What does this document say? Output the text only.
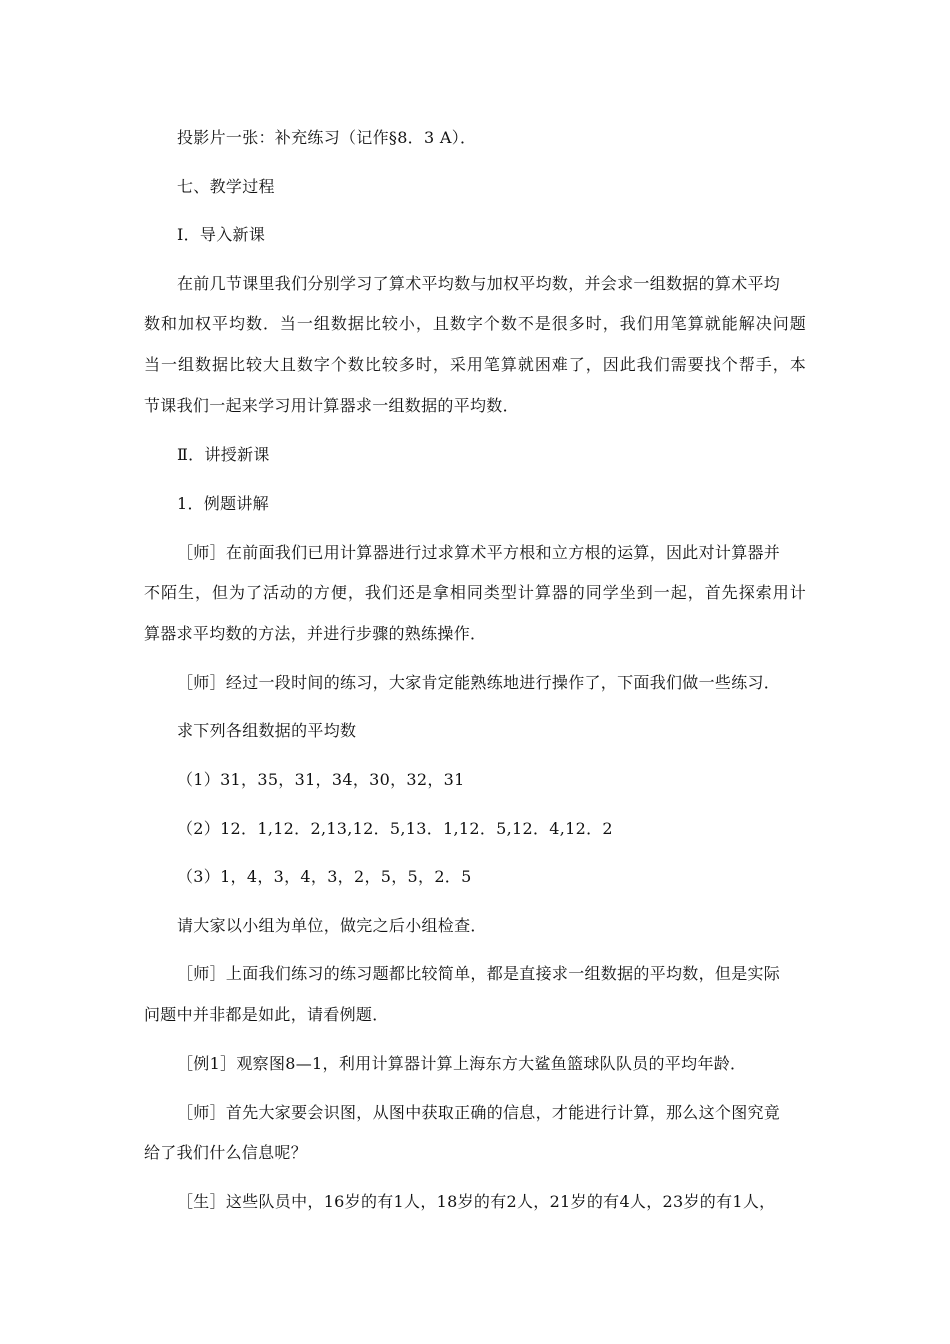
投影片一张：补充练习（记作§8．3 A）．
七、教学过程
Ⅰ．导入新课
在前几节课里我们分别学习了算术平均数与加权平均数，并会求一组数据的算术平均
数和加权平均数．当一组数据比较小，且数字个数不是很多时，我们用笔算就能解决问题
当一组数据比较大且数字个数比较多时，采用笔算就困难了，因此我们需要找个帮手，本
节课我们一起来学习用计算器求一组数据的平均数．
Ⅱ．讲授新课
1．例题讲解
［师］在前面我们已用计算器进行过求算术平方根和立方根的运算，因此对计算器并
不陌生，但为了活动的方便，我们还是拿相同类型计算器的同学坐到一起，首先探索用计
算器求平均数的方法，并进行步骤的熟练操作．
［师］经过一段时间的练习，大家肯定能熟练地进行操作了，下面我们做一些练习．
求下列各组数据的平均数
（1）31，35，31，34，30，32，31
（2）12．1,12．2,13,12．5,13．1,12．5,12．4,12．2
（3）1，4，3，4，3，2，5，5，2．5
请大家以小组为单位，做完之后小组检查．
［师］上面我们练习的练习题都比较简单，都是直接求一组数据的平均数，但是实际
问题中并非都是如此，请看例题．
［例1］观察图8—1，利用计算器计算上海东方大鲨鱼篮球队队员的平均年龄．
［师］首先大家要会识图，从图中获取正确的信息，才能进行计算，那么这个图究竟
给了我们什么信息呢？
［生］这些队员中，16岁的有1人，18岁的有2人，21岁的有4人，23岁的有1人，
